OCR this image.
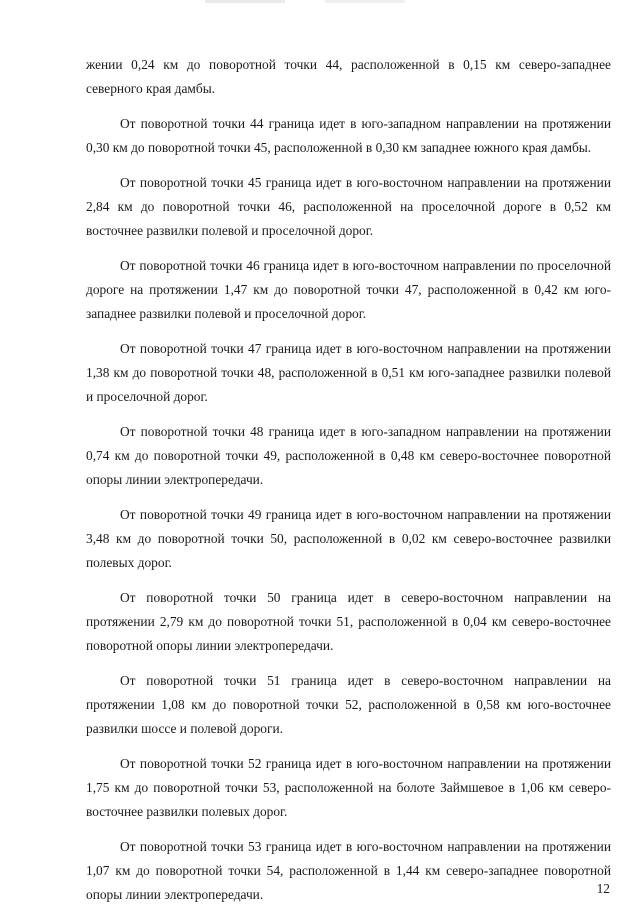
жении 0,24 км до поворотной точки 44, расположенной в 0,15 км северо-западнее северного края дамбы.

От поворотной точки 44 граница идет в юго-западном направлении на протяжении 0,30 км до поворотной точки 45, расположенной в 0,30 км западнее южного края дамбы.

От поворотной точки 45 граница идет в юго-восточном направлении на протяжении 2,84 км до поворотной точки 46, расположенной на проселочной дороге в 0,52 км восточнее развилки полевой и проселочной дорог.

От поворотной точки 46 граница идет в юго-восточном направлении по проселочной дороге на протяжении 1,47 км до поворотной точки 47, расположенной в 0,42 км юго-западнее развилки полевой и проселочной дорог.

От поворотной точки 47 граница идет в юго-восточном направлении на протяжении 1,38 км до поворотной точки 48, расположенной в 0,51 км юго-западнее развилки полевой и проселочной дорог.

От поворотной точки 48 граница идет в юго-западном направлении на протяжении 0,74 км до поворотной точки 49, расположенной в 0,48 км северо-восточнее поворотной опоры линии электропередачи.

От поворотной точки 49 граница идет в юго-восточном направлении на протяжении 3,48 км до поворотной точки 50, расположенной в 0,02 км северо-восточнее развилки полевых дорог.

От поворотной точки 50 граница идет в северо-восточном направлении на протяжении 2,79 км до поворотной точки 51, расположенной в 0,04 км северо-восточнее поворотной опоры линии электропередачи.

От поворотной точки 51 граница идет в северо-восточном направлении на протяжении 1,08 км до поворотной точки 52, расположенной в 0,58 км юго-восточнее развилки шоссе и полевой дороги.

От поворотной точки 52 граница идет в юго-восточном направлении на протяжении 1,75 км до поворотной точки 53, расположенной на болоте Займшевое в 1,06 км северо-восточнее развилки полевых дорог.

От поворотной точки 53 граница идет в юго-восточном направлении на протяжении 1,07 км до поворотной точки 54, расположенной в 1,44 км северо-западнее поворотной опоры линии электропередачи.	12
